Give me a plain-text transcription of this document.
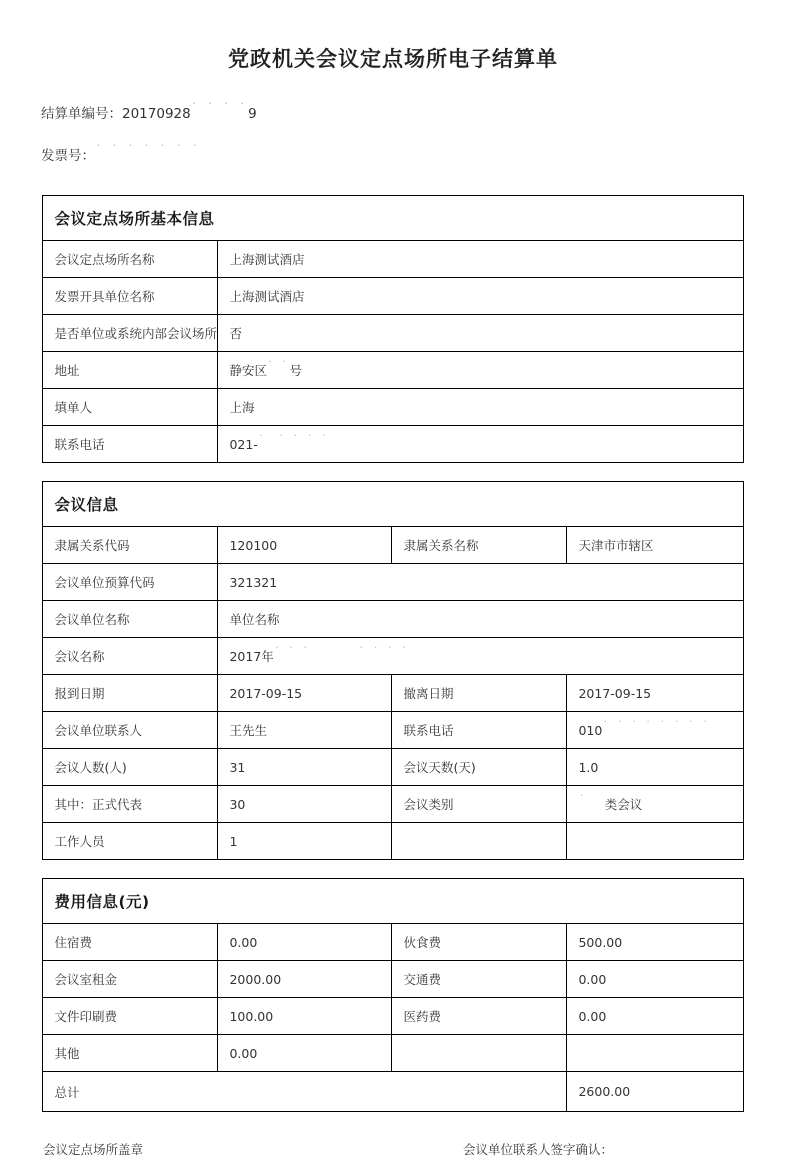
党政机关会议定点场所电子结算单
结算单编号： 20170928 ˙ ˙ ˙ ˙ 9
发票号： ˙ ˙ ˙ ˙ ˙ ˙ ˙
会议定点场所基本信息	
会议定点场所名称	上海测试酒店
发票开具单位名称	上海测试酒店
是否单位或系统内部会议场所	否
地址	静安区˙ ˙号
填单人	上海
联系电话	021-˙  ˙ ˙ ˙ ˙
会议信息			
隶属关系代码	120100	隶属关系名称	天津市市辖区
会议单位预算代码	321321		
会议单位名称	单位名称		
会议名称	2017年˙ ˙ ˙        ˙ ˙ ˙ ˙		
报到日期	2017-09-15	撤离日期	2017-09-15
会议单位联系人	王先生	联系电话	010˙ ˙ ˙ ˙ ˙ ˙ ˙ ˙
会议人数(人)	31	会议天数(天)	1.0
其中：正式代表	30	会议类别	˙ 类会议
工作人员	1		
费用信息(元)			
住宿费	0.00	伙食费	500.00
会议室租金	2000.00	交通费	0.00
文件印刷费	100.00	医药费	0.00
其他	0.00		
总计			2600.00
会议定点场所盖章	会议单位联系人签字确认：
